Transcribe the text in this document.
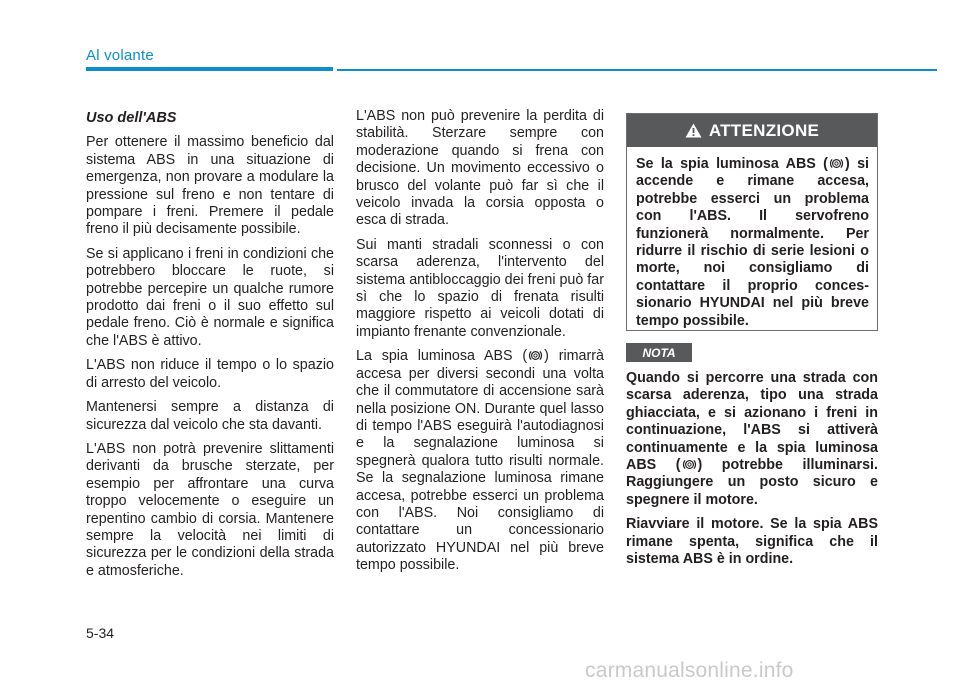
Al volante

Uso dell'ABS

Per ottenere il massimo beneficio dal sistema ABS in una situazione di emergenza, non provare a modulare la pressione sul freno e non tentare di pompare i freni. Premere il pedale freno il più decisamente possibile.

Se si applicano i freni in condizioni che potrebbero bloccare le ruote, si potrebbe percepire un qualche rumore prodotto dai freni o il suo effetto sul pedale freno. Ciò è normale e significa che l'ABS è attivo.

L'ABS non riduce il tempo o lo spazio di arresto del veicolo.

Mantenersi sempre a distanza di sicurezza dal veicolo che sta davanti.

L'ABS non potrà prevenire slittamenti derivanti da brusche sterzate, per esempio per affrontare una curva troppo velocemente o eseguire un repentino cambio di corsia. Mantenere sempre la velocità nei limiti di sicurezza per le condizioni della strada e atmosferiche.

L'ABS non può prevenire la perdita di stabilità. Sterzare sempre con moderazione quando si frena con decisione. Un movimento eccessivo o brusco del volante può far sì che il veicolo invada la corsia opposta o esca di strada.

Sui manti stradali sconnessi o con scarsa aderenza, l'intervento del sistema antibloccaggio dei freni può far sì che lo spazio di frenata risulti maggiore rispetto ai veicoli dotati di impianto frenante convenzionale.

La spia luminosa ABS ( ) rimarrà accesa per diversi secondi una volta che il commutatore di accensione sarà nella posizione ON. Durante quel lasso di tempo l'ABS eseguirà l'autodiagnosi e la segnalazione luminosa si spegnerà qualora tutto risulti normale. Se la segnalazione luminosa rimane accesa, potrebbe esserci un problema con l'ABS. Noi consigliamo di contattare un concessionario autorizzato HYUNDAI nel più breve tempo possibile.

ATTENZIONE
Se la spia luminosa ABS ( ) si accende e rimane accesa, potrebbe esserci un problema con l'ABS. Il servofreno funzionerà normalmente. Per ridurre il rischio di serie lesioni o morte, noi consigliamo di contattare il proprio conces-sionario HYUNDAI nel più breve tempo possibile.
NOTA

Quando si percorre una strada con scarsa aderenza, tipo una strada ghiacciata, e si azionano i freni in continuazione, l'ABS si attiverà continuamente e la spia luminosa ABS ( ) potrebbe illuminarsi. Raggiungere un posto sicuro e spegnere il motore.

Riavviare il motore. Se la spia ABS rimane spenta, significa che il sistema ABS è in ordine.

5-34
carmanualsonline.info
